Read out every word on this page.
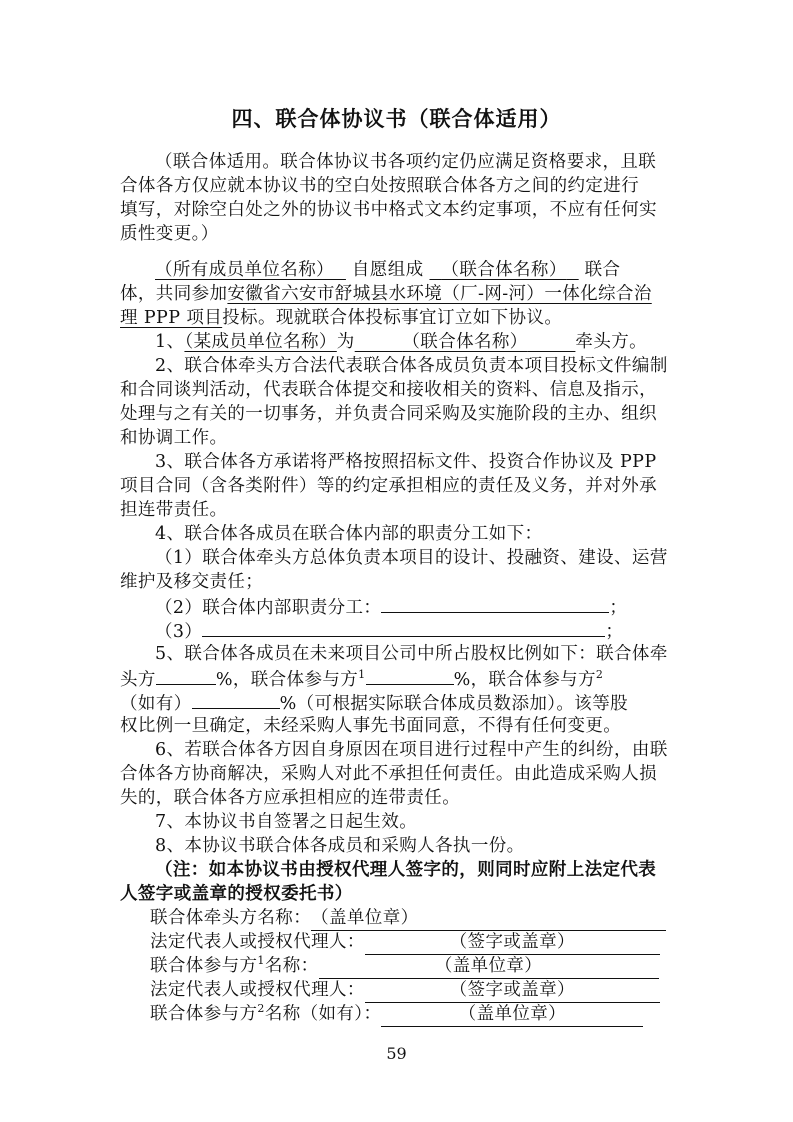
四、联合体协议书（联合体适用）
（联合体适用。联合体协议书各项约定仍应满足资格要求，且联
合体各方仅应就本协议书的空白处按照联合体各方之间的约定进行
填写，对除空白处之外的协议书中格式文本约定事项，不应有任何实
质性变更。）
（所有成员单位名称） 自愿组成 （联合体名称） 联合
体，共同参加安徽省六安市舒城县水环境（厂-网-河）一体化综合治
理 PPP 项目投标。现就联合体投标事宜订立如下协议。
1、（某成员单位名称）为	（联合体名称）	牵头方。
2、联合体牵头方合法代表联合体各成员负责本项目投标文件编制
和合同谈判活动，代表联合体提交和接收相关的资料、信息及指示，
处理与之有关的一切事务，并负责合同采购及实施阶段的主办、组织
和协调工作。
3、联合体各方承诺将严格按照招标文件、投资合作协议及 PPP
项目合同（含各类附件）等的约定承担相应的责任及义务，并对外承
担连带责任。
4、联合体各成员在联合体内部的职责分工如下：
（1）联合体牵头方总体负责本项目的设计、投融资、建设、运营
维护及移交责任；
（2）联合体内部职责分工：	；
（3）	；
5、联合体各成员在未来项目公司中所占股权比例如下：联合体牵
头方	%，联合体参与方$^1$	%，联合体参与方$^2$
（如有）	%（可根据实际联合体成员数添加）。该等股
权比例一旦确定，未经采购人事先书面同意，不得有任何变更。
6、若联合体各方因自身原因在项目进行过程中产生的纠纷，由联
合体各方协商解决，采购人对此不承担任何责任。由此造成采购人损
失的，联合体各方应承担相应的连带责任。
7、本协议书自签署之日起生效。
8、本协议书联合体各成员和采购人各执一份。
（注：如本协议书由授权代理人签字的，则同时应附上法定代表
人签字或盖章的授权委托书）
联合体牵头方名称：（盖单位章）
法定代表人或授权代理人：	（签字或盖章）
联合体参与方$^1$名称：	（盖单位章）
法定代表人或授权代理人：	（签字或盖章）
联合体参与方$^2$名称（如有）：	（盖单位章）
59
